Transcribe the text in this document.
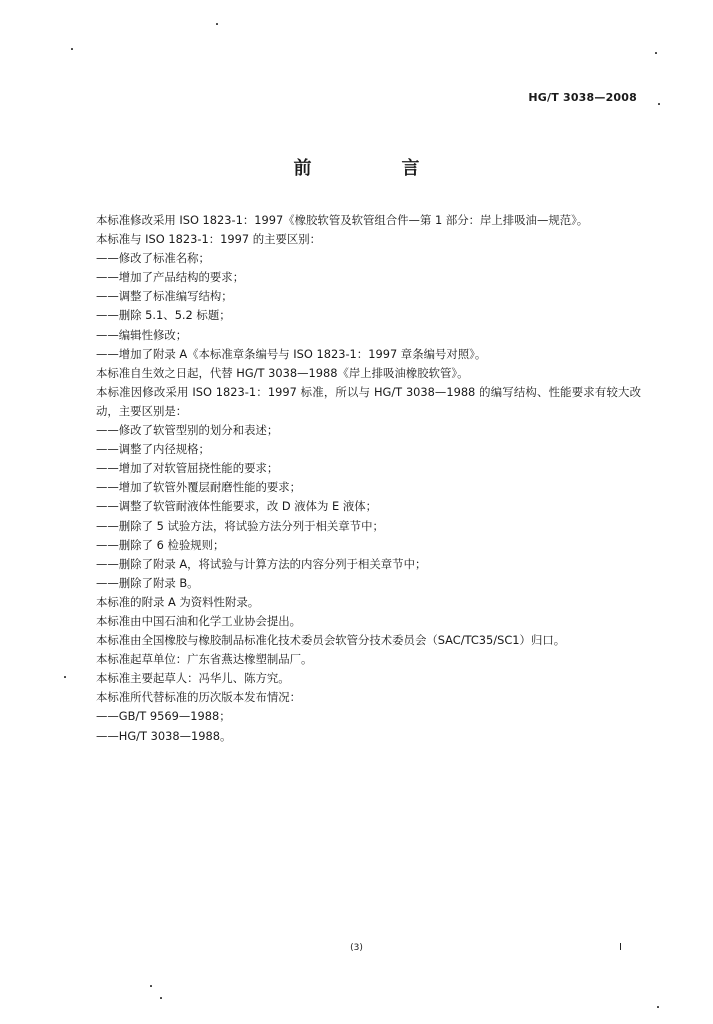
HG/T 3038—2008
前　言
本标准修改采用 ISO 1823-1：1997《橡胶软管及软管组合件—第 1 部分：岸上排吸油—规范》。
本标准与 ISO 1823-1：1997 的主要区别：
——修改了标准名称；
——增加了产品结构的要求；
——调整了标准编写结构；
——删除 5.1、5.2 标题；
——编辑性修改；
——增加了附录 A《本标准章条编号与 ISO 1823-1：1997 章条编号对照》。
本标准自生效之日起，代替 HG/T 3038—1988《岸上排吸油橡胶软管》。
本标准因修改采用 ISO 1823-1：1997 标准，所以与 HG/T 3038—1988 的编写结构、性能要求有较大改动，主要区别是：
——修改了软管型别的划分和表述；
——调整了内径规格；
——增加了对软管屈挠性能的要求；
——增加了软管外覆层耐磨性能的要求；
——调整了软管耐液体性能要求，改 D 液体为 E 液体；
——删除了 5 试验方法，将试验方法分列于相关章节中；
——删除了 6 检验规则；
——删除了附录 A，将试验与计算方法的内容分列于相关章节中；
——删除了附录 B。
本标准的附录 A 为资料性附录。
本标准由中国石油和化学工业协会提出。
本标准由全国橡胶与橡胶制品标准化技术委员会软管分技术委员会（SAC/TC35/SC1）归口。
本标准起草单位：广东省燕达橡塑制品厂。
本标准主要起草人：冯华儿、陈方究。
本标准所代替标准的历次版本发布情况：
——GB/T 9569—1988；
——HG/T 3038—1988。
(3)	I
